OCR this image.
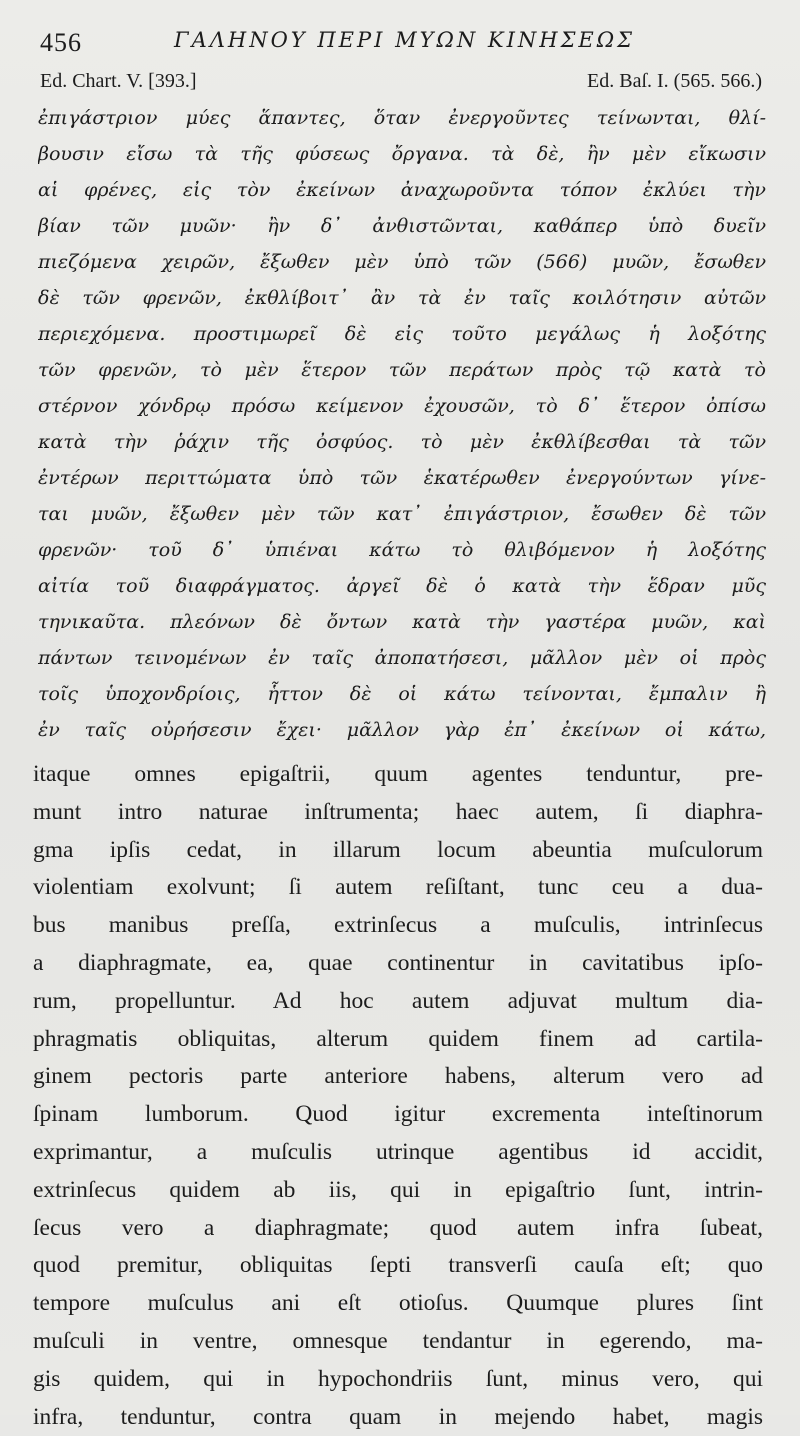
456	ΓΑΛΗΝΟΥ ΠΕΡΙ ΜΥΩΝ ΚΙΝΗΣΕΩΣ
Ed. Chart. V. [393.]	Ed. Baſ. I. (565. 566.)
ἐπιγάστριον μύες ἅπαντες, ὅταν ἐνεργοῦντες τείνωνται, θλί-
βουσιν εἴσω τὰ τῆς φύσεως ὄργανα. τὰ δὲ, ἢν μὲν εἴκωσιν
αἱ φρένες, εἰς τὸν ἐκείνων ἀναχωροῦντα τόπον ἐκλύει τὴν
βίαν τῶν μυῶν· ἢν δ᾽ ἀνθιστῶνται, καθάπερ ὑπὸ δυεῖν
πιεζόμενα χειρῶν, ἔξωθεν μὲν ὑπὸ τῶν (566) μυῶν, ἔσωθεν
δὲ τῶν φρενῶν, ἐκθλίβοιτ᾽ ἂν τὰ ἐν ταῖς κοιλότησιν αὐτῶν
περιεχόμενα. προστιμωρεῖ δὲ εἰς τοῦτο μεγάλως ἡ λοξότης
τῶν φρενῶν, τὸ μὲν ἕτερον τῶν περάτων πρὸς τῷ κατὰ τὸ
στέρνον χόνδρῳ πρόσω κείμενον ἐχουσῶν, τὸ δ᾽ ἕτερον ὀπίσω
κατὰ τὴν ῥάχιν τῆς ὀσφύος. τὸ μὲν ἐκθλίβεσθαι τὰ τῶν
ἐντέρων περιττώματα ὑπὸ τῶν ἑκατέρωθεν ἐνεργούντων γίνε-
ται μυῶν, ἔξωθεν μὲν τῶν κατ᾽ ἐπιγάστριον, ἔσωθεν δὲ τῶν
φρενῶν· τοῦ δ᾽ ὑπιέναι κάτω τὸ θλιβόμενον ἡ λοξότης
αἰτία τοῦ διαφράγματος. ἀργεῖ δὲ ὁ κατὰ τὴν ἕδραν μῦς
τηνικαῦτα. πλεόνων δὲ ὄντων κατὰ τὴν γαστέρα μυῶν, καὶ
πάντων τεινομένων ἐν ταῖς ἀποπατήσεσι, μᾶλλον μὲν οἱ πρὸς
τοῖς ὑποχονδρίοις, ἧττον δὲ οἱ κάτω τείνονται, ἔμπαλιν ἢ
ἐν ταῖς οὐρήσεσιν ἔχει· μᾶλλον γὰρ ἐπ᾽ ἐκείνων οἱ κάτω,
itaque omnes epigaſtrii, quum agentes tenduntur, pre-
munt intro naturae inſtrumenta; haec autem, ſi diaphra-
gma ipſis cedat, in illarum locum abeuntia muſculorum
violentiam exolvunt; ſi autem reſiſtant, tunc ceu a dua-
bus manibus preſſa, extrinſecus a muſculis, intrinſecus
a diaphragmate, ea, quae continentur in cavitatibus ipſo-
rum, propelluntur. Ad hoc autem adjuvat multum dia-
phragmatis obliquitas, alterum quidem finem ad cartila-
ginem pectoris parte anteriore habens, alterum vero ad
ſpinam lumborum. Quod igitur excrementa inteſtinorum
exprimantur, a muſculis utrinque agentibus id accidit,
extrinſecus quidem ab iis, qui in epigaſtrio ſunt, intrin-
ſecus vero a diaphragmate; quod autem infra ſubeat,
quod premitur, obliquitas ſepti transverſi cauſa eſt; quo
tempore muſculus ani eſt otioſus. Quumque plures ſint
muſculi in ventre, omnesque tendantur in egerendo, ma-
gis quidem, qui in hypochondriis ſunt, minus vero, qui
infra, tenduntur, contra quam in mejendo habet, magis
